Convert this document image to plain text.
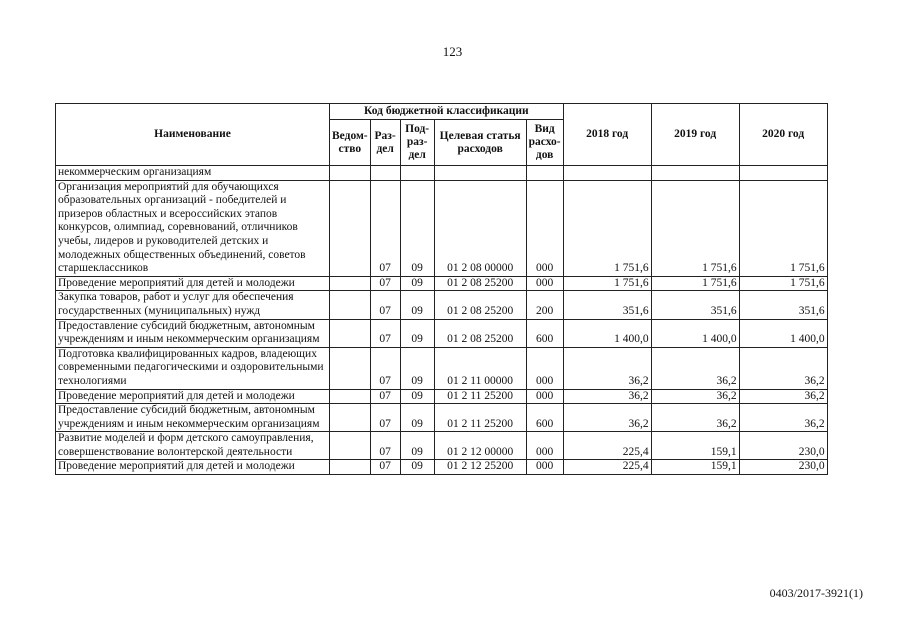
123
Наименование	Код бюджетной классификации					2018 год	2019 год	2020 год
	Ведом-ство	Раз-дел	Под-раз-дел	Целевая статья расходов	Вид расхо-дов			
некоммерческим организациям								
Организация мероприятий для обучающихся образовательных организаций - победителей и призеров областных и всероссийских этапов конкурсов, олимпиад, соревнований, отличников учебы, лидеров и руководителей детских и молодежных общественных объединений, советов старшеклассников		07	09	01 2 08 00000	000	1 751,6	1 751,6	1 751,6
Проведение мероприятий для детей и молодежи		07	09	01 2 08 25200	000	1 751,6	1 751,6	1 751,6
Закупка товаров, работ и услуг для обеспечения государственных (муниципальных) нужд		07	09	01 2 08 25200	200	351,6	351,6	351,6
Предоставление субсидий бюджетным, автономным учреждениям и иным некоммерческим организациям		07	09	01 2 08 25200	600	1 400,0	1 400,0	1 400,0
Подготовка квалифицированных кадров, владеющих современными педагогическими и оздоровительными технологиями		07	09	01 2 11 00000	000	36,2	36,2	36,2
Проведение мероприятий для детей и молодежи		07	09	01 2 11 25200	000	36,2	36,2	36,2
Предоставление субсидий бюджетным, автономным учреждениям и иным некоммерческим организациям		07	09	01 2 11 25200	600	36,2	36,2	36,2
Развитие моделей и форм детского самоуправления, совершенствование волонтерской деятельности		07	09	01 2 12 00000	000	225,4	159,1	230,0
Проведение мероприятий для детей и молодежи		07	09	01 2 12 25200	000	225,4	159,1	230,0
0403/2017-3921(1)
